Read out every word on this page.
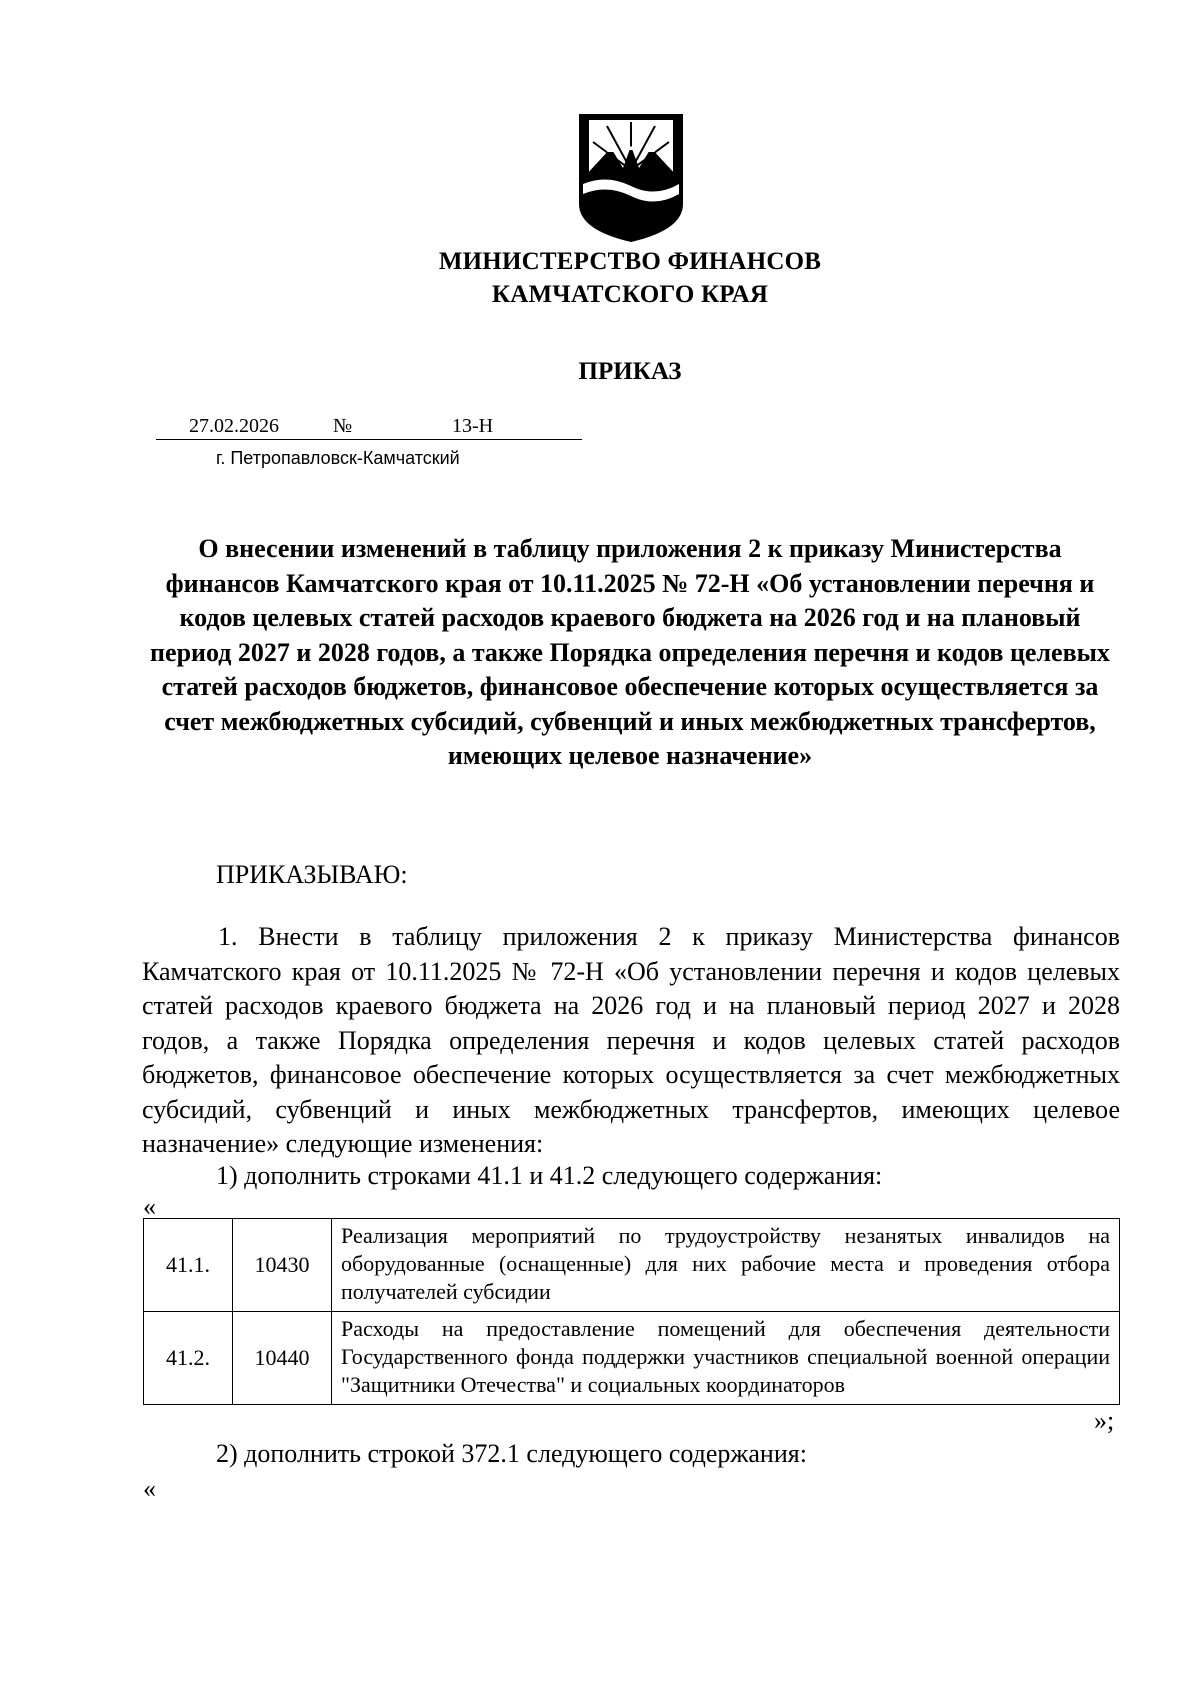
МИНИСТЕРСТВО ФИНАНСОВ
КАМЧАТСКОГО КРАЯ
ПРИКАЗ
27.02.2026	№	13-Н
г. Петропавловск-Камчатский
О внесении изменений в таблицу приложения 2 к приказу Министерства финансов Камчатского края от 10.11.2025 № 72-Н «Об установлении перечня и кодов целевых статей расходов краевого бюджета на 2026 год и на плановый период 2027 и 2028 годов, а также Порядка определения перечня и кодов целевых статей расходов бюджетов, финансовое обеспечение которых осуществляется за счет межбюджетных субсидий, субвенций и иных межбюджетных трансфертов, имеющих целевое назначение»
ПРИКАЗЫВАЮ:
1. Внести в таблицу приложения 2 к приказу Министерства финансов Камчатского края от 10.11.2025 № 72-Н «Об установлении перечня и кодов целевых статей расходов краевого бюджета на 2026 год и на плановый период 2027 и 2028 годов, а также Порядка определения перечня и кодов целевых статей расходов бюджетов, финансовое обеспечение которых осуществляется за счет межбюджетных субсидий, субвенций и иных межбюджетных трансфертов, имеющих целевое назначение» следующие изменения:
1) дополнить строками 41.1 и 41.2 следующего содержания:
«
41.1.	10430	Реализация мероприятий по трудоустройству незанятых инвалидов на оборудованные (оснащенные) для них рабочие места и проведения отбора получателей субсидии
41.2.	10440	Расходы на предоставление помещений для обеспечения деятельности Государственного фонда поддержки участников специальной военной операции "Защитники Отечества" и социальных координаторов
»;
2) дополнить строкой 372.1 следующего содержания:
«
